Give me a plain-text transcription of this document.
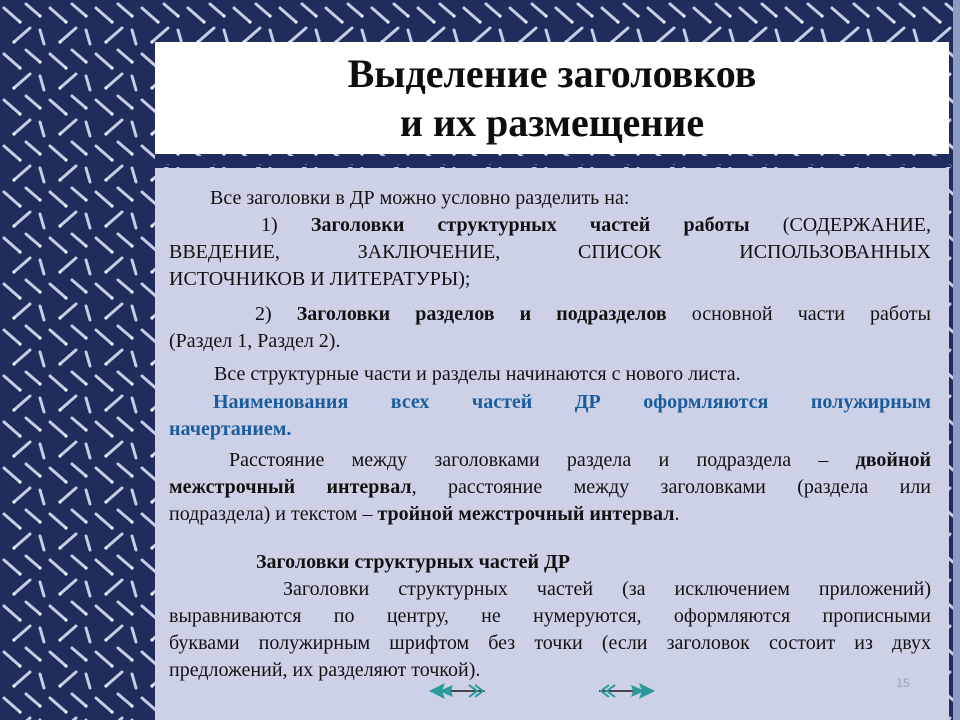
Выделение заголовков
и их размещение

Все заголовки в ДР можно условно разделить на:

1) Заголовки структурных частей работы (СОДЕРЖАНИЕ,

ВВЕДЕНИЕ, ЗАКЛЮЧЕНИЕ, СПИСОК ИСПОЛЬЗОВАННЫХ

ИСТОЧНИКОВ И ЛИТЕРАТУРЫ);

2) Заголовки разделов и подразделов основной части работы

(Раздел 1, Раздел 2).

Все структурные части и разделы начинаются с нового листа.

Наименования всех частей ДР оформляются полужирным

начертанием.

Расстояние между заголовками раздела и подраздела – двойной

межстрочный интервал, расстояние между заголовками (раздела или

подраздела) и текстом – тройной межстрочный интервал.

Заголовки структурных частей ДР

Заголовки структурных частей (за исключением приложений)

выравниваются по центру, не нумеруются, оформляются прописными

буквами полужирным шрифтом без точки (если заголовок состоит из двух

предложений, их разделяют точкой).

15
